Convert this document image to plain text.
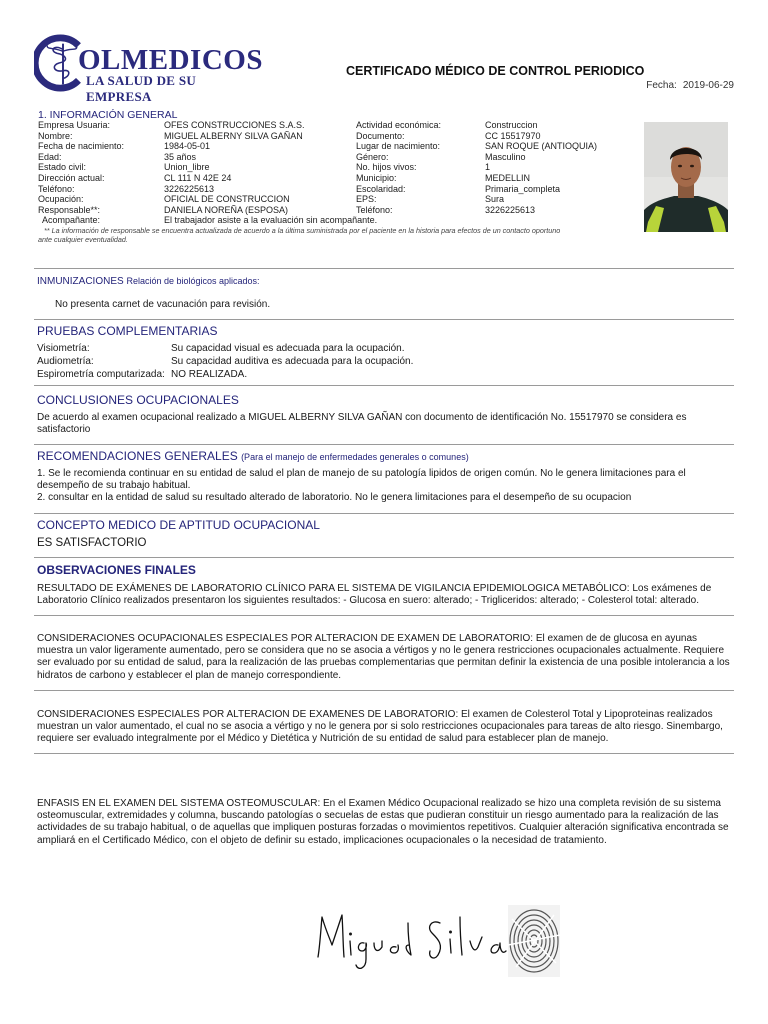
OLMEDICOS
LA SALUD DE SU EMPRESA
CERTIFICADO MÉDICO DE CONTROL PERIODICO
Fecha: 2019-06-29
1. INFORMACIÓN GENERAL
Empresa Usuaria:	OFES CONSTRUCCIONES S.A.S.	Actividad económica:	Construccion
Nombre:	MIGUEL ALBERNY SILVA GAÑAN	Documento:	CC 15517970
Fecha de nacimiento:	1984-05-01	Lugar de nacimiento:	SAN ROQUE (ANTIOQUIA)
Edad:	35 años	Género:	Masculino
Estado civil:	Union_libre	No. hijos vivos:	1
Dirección actual:	CL 111 N 42E 24	Municipio:	MEDELLIN
Teléfono:	3226225613	Escolaridad:	Primaria_completa
Ocupación:	OFICIAL DE CONSTRUCCION	EPS:	Sura
Responsable**:	DANIELA NOREÑA (ESPOSA)	Teléfono:	3226225613
Acompañante:	El trabajador asiste a la evaluación sin acompañante.

** La información de responsable se encuentra actualizada de acuerdo a la última suministrada por el paciente en la historia para efectos de un contacto oportuno

ante cualquier eventualidad.

INMUNIZACIONES Relación de biológicos aplicados:
No presenta carnet de vacunación para revisión.
PRUEBAS COMPLEMENTARIAS
Visiometría:	Su capacidad visual es adecuada para la ocupación.
Audiometría:	Su capacidad auditiva es adecuada para la ocupación.
Espirometría computarizada: NO REALIZADA.
CONCLUSIONES OCUPACIONALES
De acuerdo al examen ocupacional realizado a MIGUEL ALBERNY SILVA GAÑAN con documento de identificación No. 15517970 se considera es satisfactorio
RECOMENDACIONES GENERALES (Para el manejo de enfermedades generales o comunes)
1. Se le recomienda continuar en su entidad de salud el plan de manejo de su patología lipidos de origen común. No le genera limitaciones para el desempeño de su trabajo habitual.
2. consultar en la entidad de salud su resultado alterado de laboratorio. No le genera limitaciones para el desempeño de su ocupacion
CONCEPTO MEDICO DE APTITUD OCUPACIONAL
ES SATISFACTORIO
OBSERVACIONES FINALES
RESULTADO DE EXÁMENES DE LABORATORIO CLÍNICO PARA EL SISTEMA DE VIGILANCIA EPIDEMIOLOGICA METABÓLICO: Los exámenes de Laboratorio Clínico realizados presentaron los siguientes resultados: - Glucosa en suero: alterado; - Trigliceridos: alterado; - Colesterol total: alterado.
CONSIDERACIONES OCUPACIONALES ESPECIALES POR ALTERACION DE EXAMEN DE LABORATORIO: El examen de de glucosa en ayunas muestra un valor ligeramente aumentado, pero se considera que no se asocia a vértigos y no le genera restricciones ocupacionales actualmente. Requiere ser evaluado por su entidad de salud, para la realización de las pruebas complementarias que permitan definir la existencia de una posible intolerancia a los hidratos de carbono y establecer el plan de manejo correspondiente.
CONSIDERACIONES ESPECIALES POR ALTERACION DE EXAMENES DE LABORATORIO: El examen de Colesterol Total y Lipoproteinas realizados muestran un valor aumentado, el cual no se asocia a vértigo y no le genera por si solo restricciones ocupacionales para tareas de alto riesgo. Sinembargo, requiere ser evaluado integralmente por el Médico y Dietética y Nutrición de su entidad de salud para establecer plan de manejo.
ENFASIS EN EL EXAMEN DEL SISTEMA OSTEOMUSCULAR: En el Examen Médico Ocupacional realizado se hizo una completa revisión de su sistema osteomuscular, extremidades y columna, buscando patologías o secuelas de estas que pudieran constituir un riesgo aumentado para la realización de las actividades de su trabajo habitual, o de aquellas que impliquen posturas forzadas o movimientos repetitivos. Cualquier alteración significativa encontrada se ampliará en el Certificado Médico, con el objeto de definir su estado, implicaciones ocupacionales o la necesidad de tratamiento.
